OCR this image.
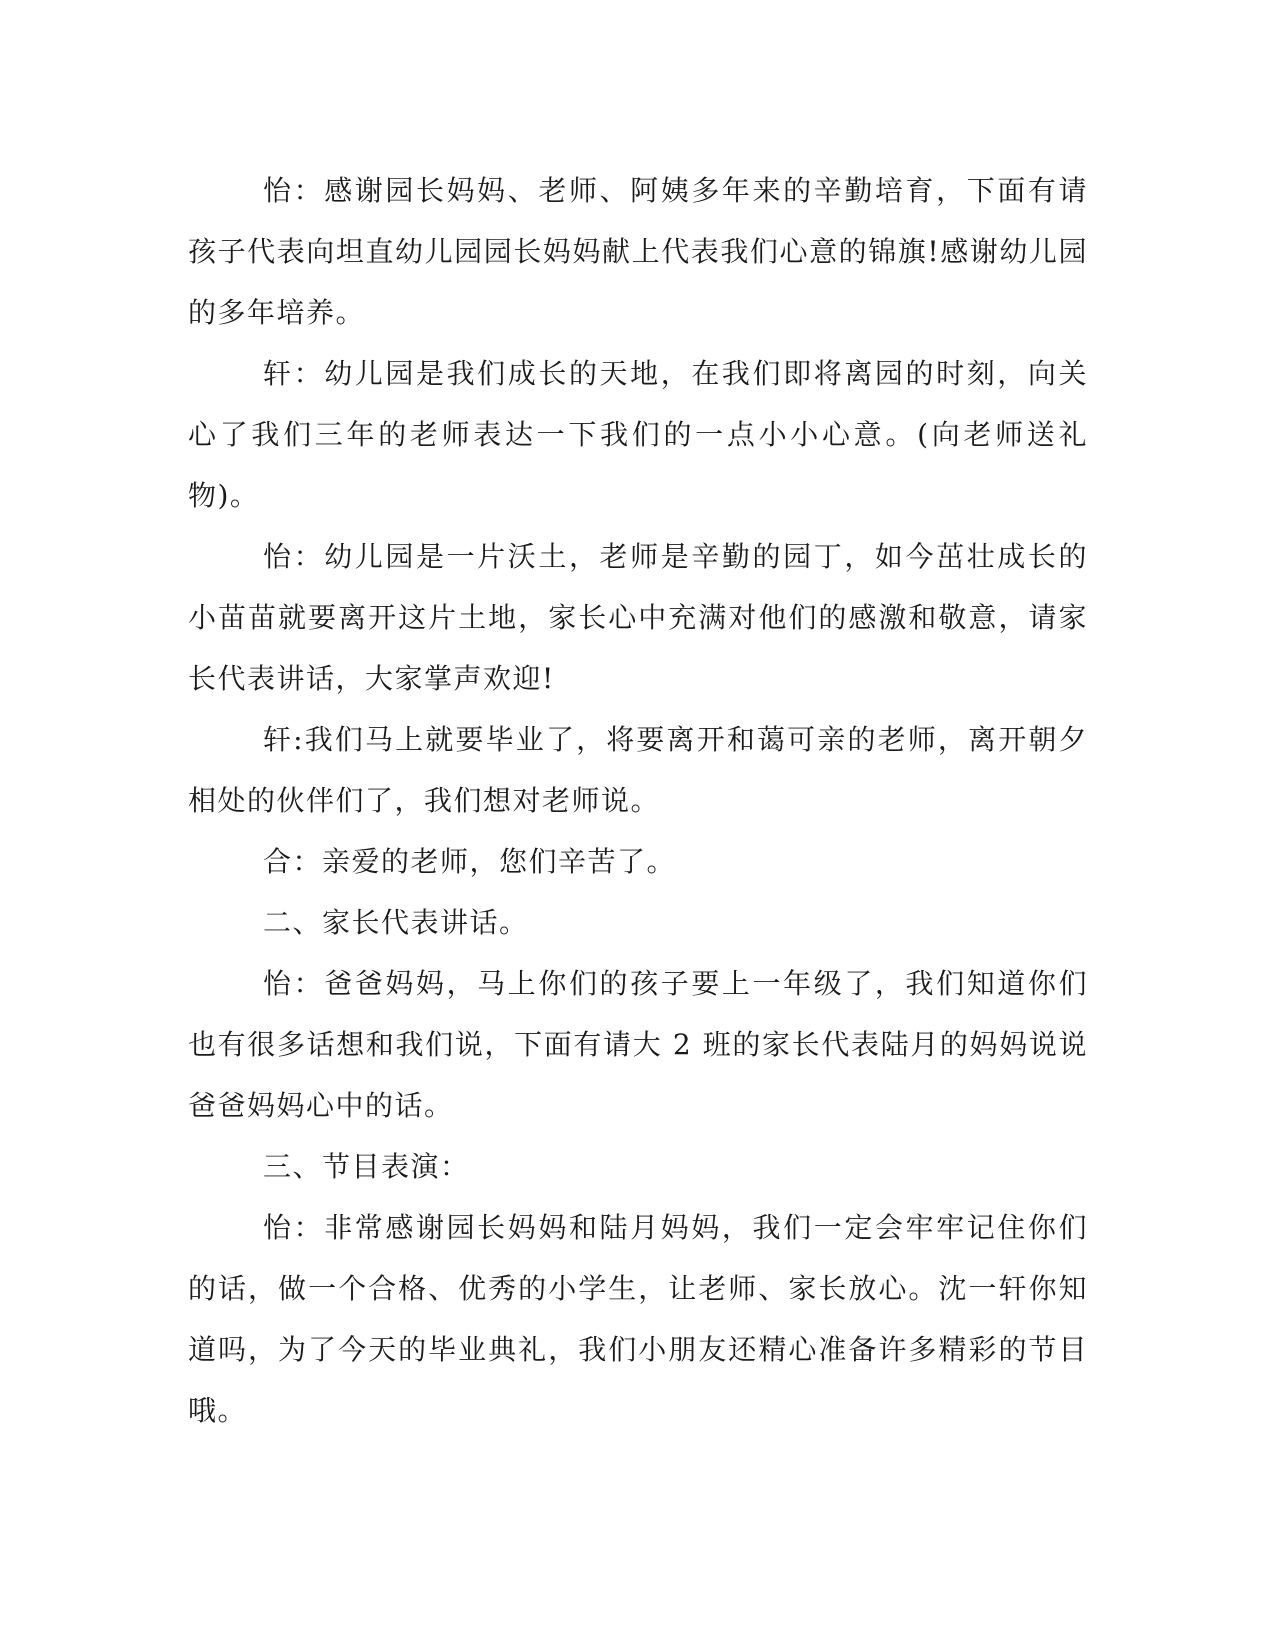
怡：感谢园长妈妈、老师、阿姨多年来的辛勤培育，下面有请孩子代表向坦直幼儿园园长妈妈献上代表我们心意的锦旗!感谢幼儿园的多年培养。

轩：幼儿园是我们成长的天地，在我们即将离园的时刻，向关心了我们三年的老师表达一下我们的一点小小心意。(向老师送礼物)。

怡：幼儿园是一片沃土，老师是辛勤的园丁，如今茁壮成长的小苗苗就要离开这片土地，家长心中充满对他们的感激和敬意，请家长代表讲话，大家掌声欢迎!

轩:我们马上就要毕业了，将要离开和蔼可亲的老师，离开朝夕相处的伙伴们了，我们想对老师说。

合：亲爱的老师，您们辛苦了。

二、家长代表讲话。

怡：爸爸妈妈，马上你们的孩子要上一年级了，我们知道你们也有很多话想和我们说，下面有请大 2 班的家长代表陆月的妈妈说说爸爸妈妈心中的话。

三、节目表演：

怡：非常感谢园长妈妈和陆月妈妈，我们一定会牢牢记住你们的话，做一个合格、优秀的小学生，让老师、家长放心。沈一轩你知道吗，为了今天的毕业典礼，我们小朋友还精心准备许多精彩的节目哦。
